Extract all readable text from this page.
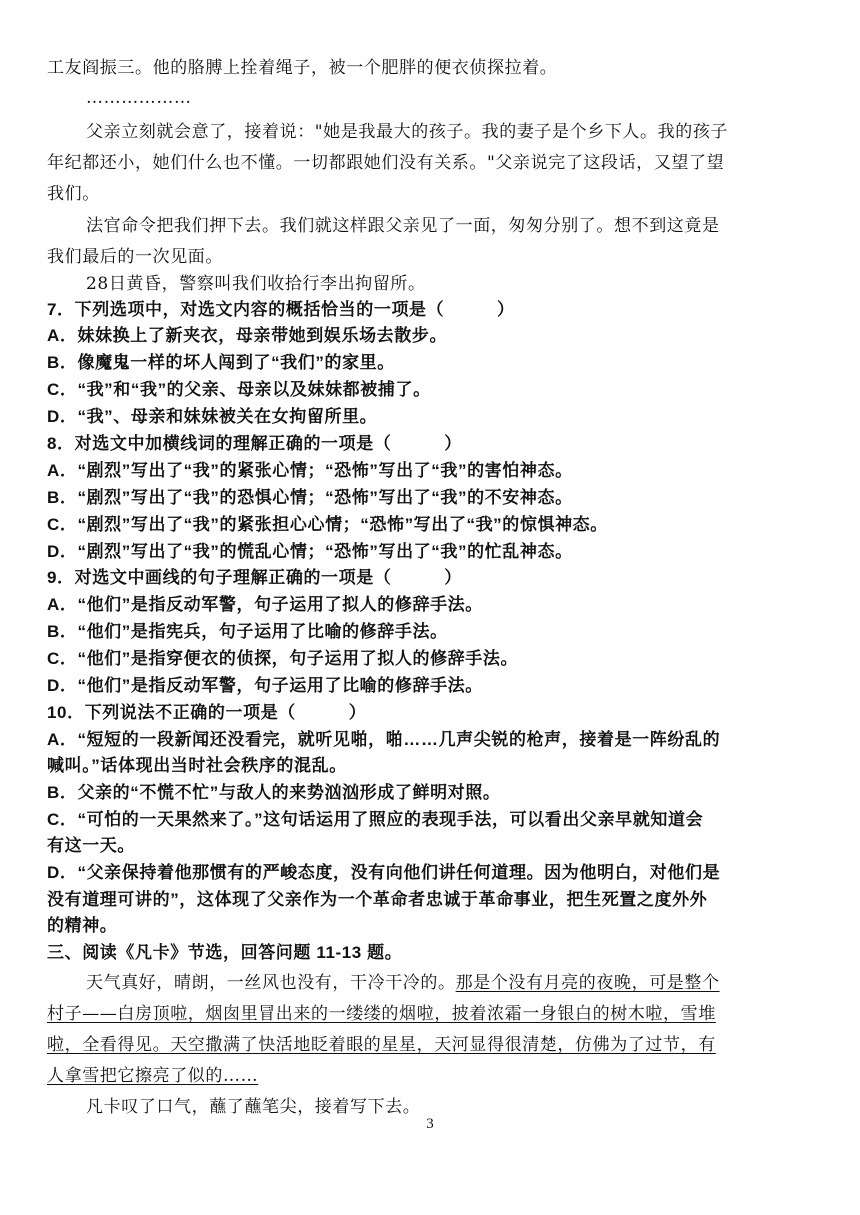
工友阎振三。他的胳膊上拴着绳子，被一个肥胖的便衣侦探拉着。
………………
父亲立刻就会意了，接着说："她是我最大的孩子。我的妻子是个乡下人。我的孩子
年纪都还小，她们什么也不懂。一切都跟她们没有关系。"父亲说完了这段话，又望了望
我们。
法官命令把我们押下去。我们就这样跟父亲见了一面，匆匆分别了。想不到这竟是
我们最后的一次见面。
28日黄昏，警察叫我们收拾行李出拘留所。
7．下列选项中，对选文内容的概括恰当的一项是（　　　）
A．妹妹换上了新夹衣，母亲带她到娱乐场去散步。
B．像魔鬼一样的坏人闯到了“我们”的家里。
C．“我”和“我”的父亲、母亲以及妹妹都被捕了。
D．“我”、母亲和妹妹被关在女拘留所里。
8．对选文中加横线词的理解正确的一项是（　　　）
A．“剧烈”写出了“我”的紧张心情；“恐怖”写出了“我”的害怕神态。
B．“剧烈”写出了“我”的恐惧心情；“恐怖”写出了“我”的不安神态。
C．“剧烈”写出了“我”的紧张担心心情；“恐怖”写出了“我”的惊惧神态。
D．“剧烈”写出了“我”的慌乱心情；“恐怖”写出了“我”的忙乱神态。
9．对选文中画线的句子理解正确的一项是（　　　）
A．“他们”是指反动军警，句子运用了拟人的修辞手法。
B．“他们”是指宪兵，句子运用了比喻的修辞手法。
C．“他们”是指穿便衣的侦探，句子运用了拟人的修辞手法。
D．“他们”是指反动军警，句子运用了比喻的修辞手法。
10．下列说法不正确的一项是（　　　）
A．“短短的一段新闻还没看完，就听见啪，啪……几声尖锐的枪声，接着是一阵纷乱的
喊叫。”话体现出当时社会秩序的混乱。
B．父亲的“不慌不忙”与敌人的来势汹汹形成了鲜明对照。
C．“可怕的一天果然来了。”这句话运用了照应的表现手法，可以看出父亲早就知道会
有这一天。
D．“父亲保持着他那惯有的严峻态度，没有向他们讲任何道理。因为他明白，对他们是
没有道理可讲的”，这体现了父亲作为一个革命者忠诚于革命事业，把生死置之度外外
的精神。
三、阅读《凡卡》节选，回答问题 11-13 题。
天气真好，晴朗，一丝风也没有，干冷干冷的。那是个没有月亮的夜晚，可是整个
村子——白房顶啦，烟囱里冒出来的一缕缕的烟啦，披着浓霜一身银白的树木啦，雪堆
啦，全看得见。天空撒满了快活地眨着眼的星星，天河显得很清楚，仿佛为了过节，有
人拿雪把它擦亮了似的……
凡卡叹了口气，蘸了蘸笔尖，接着写下去。
3
